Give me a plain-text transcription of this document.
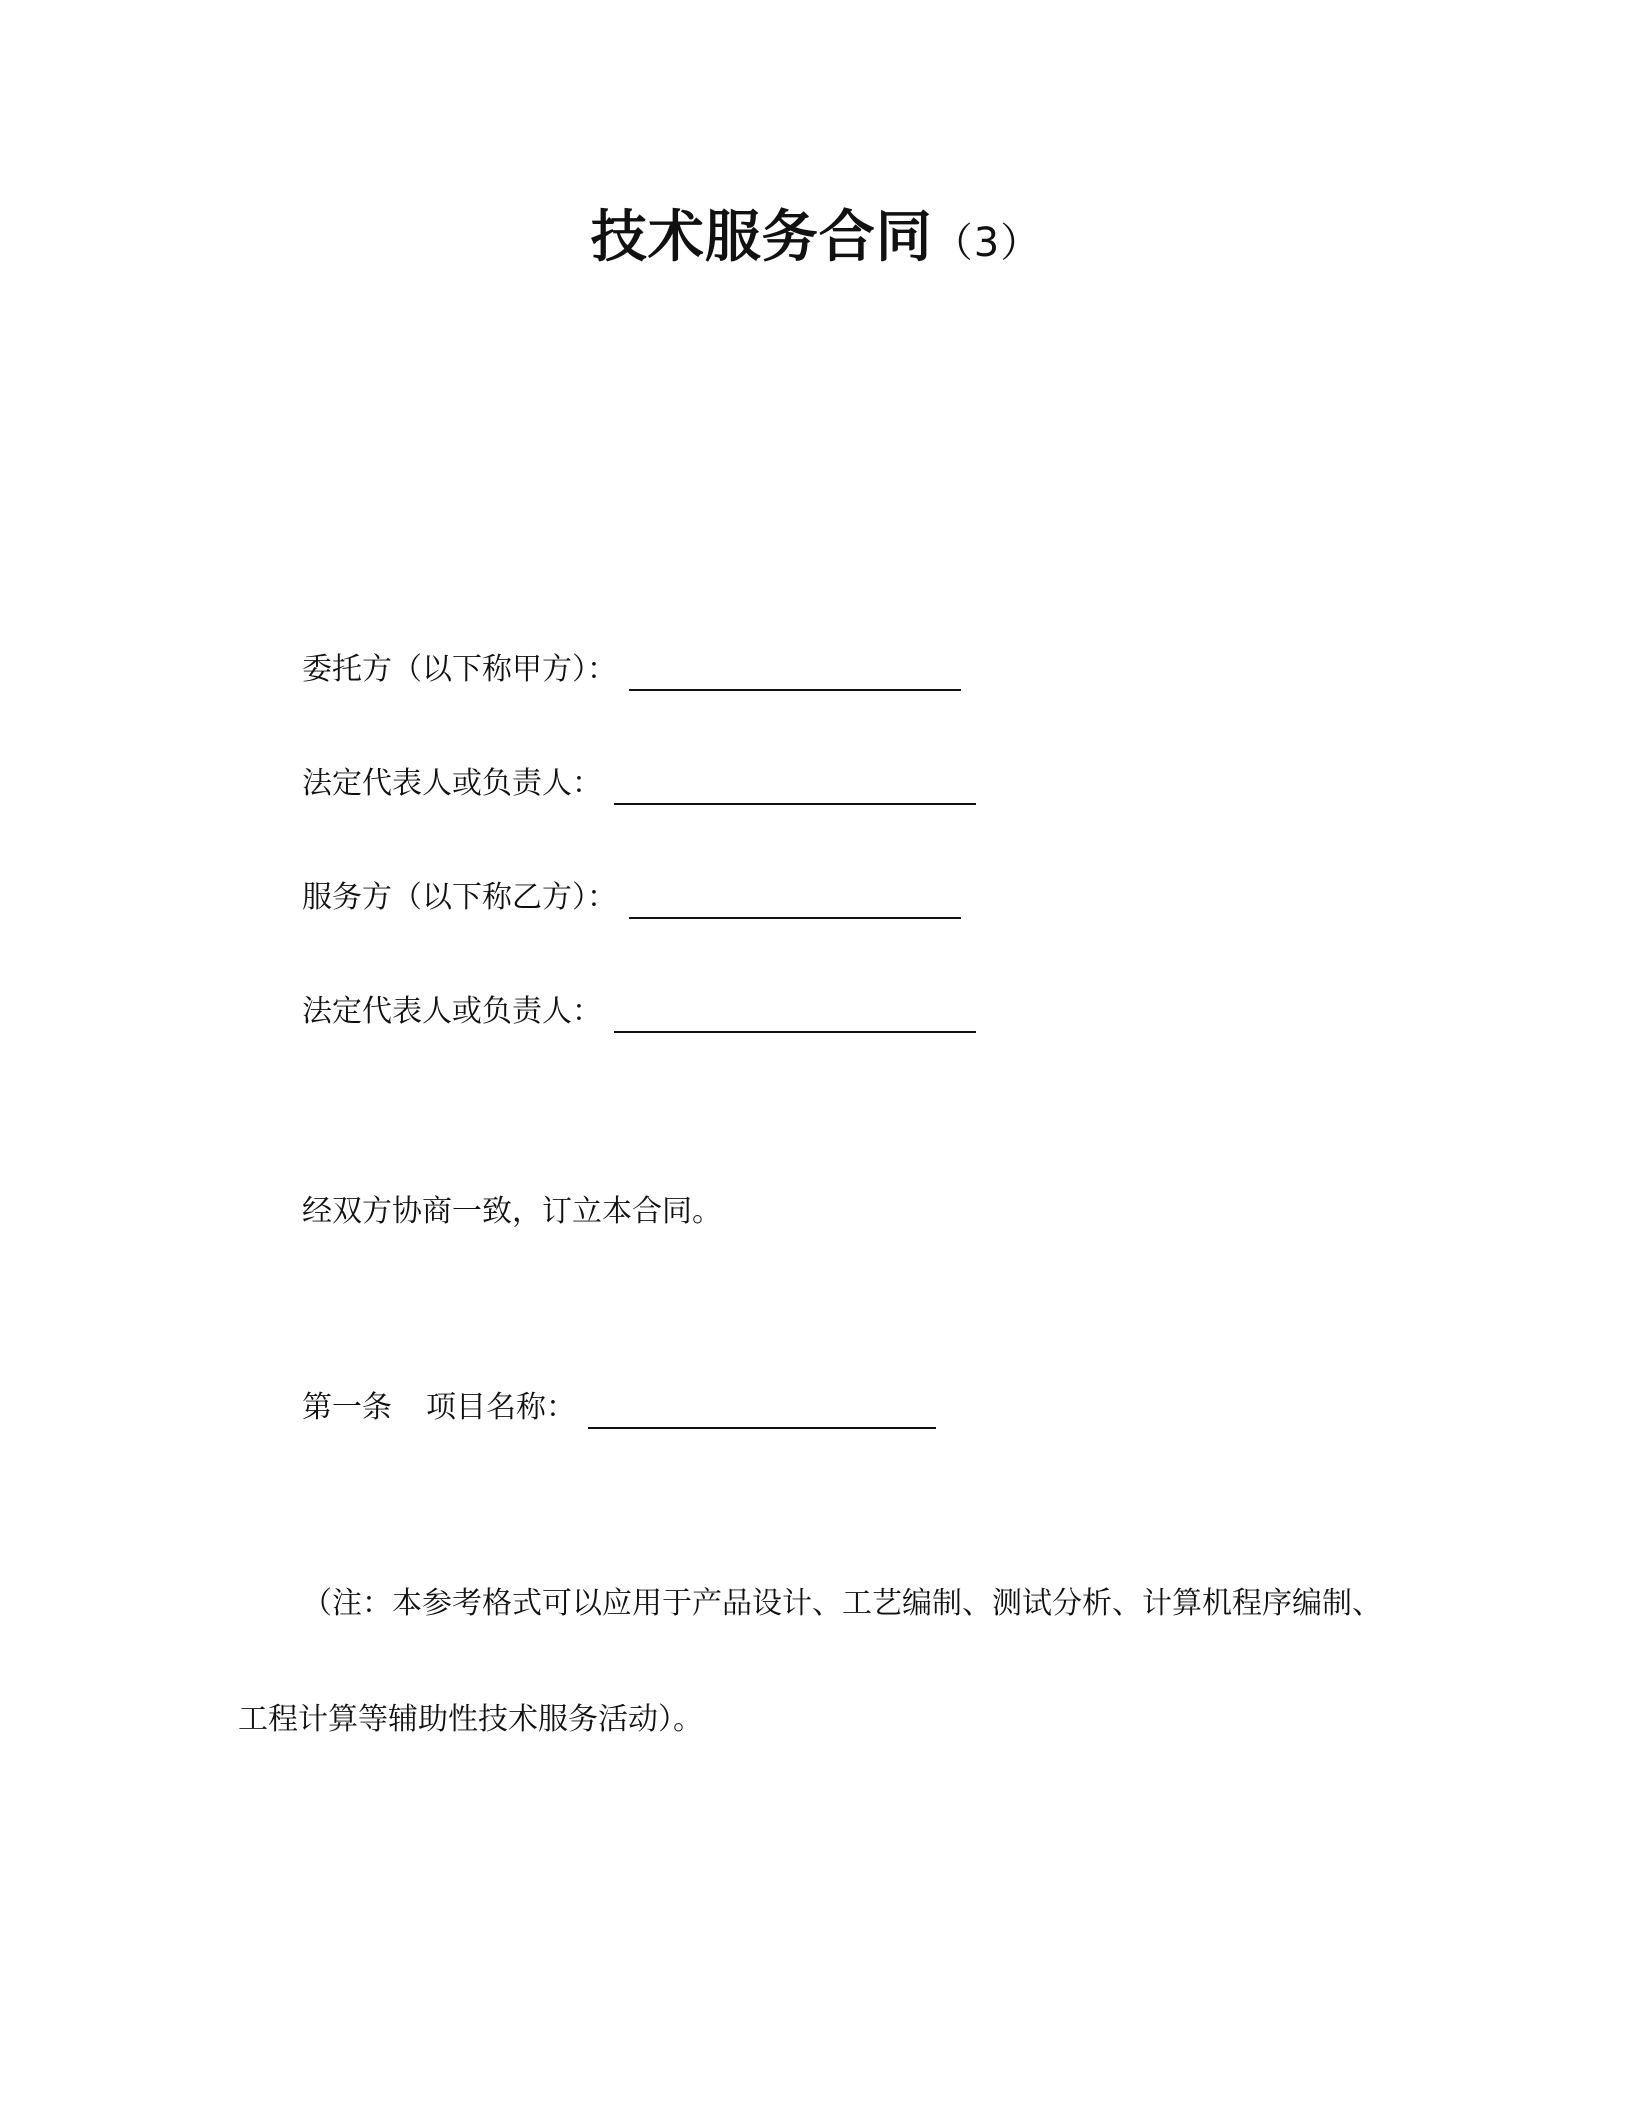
技术服务合同（3）
委托方（以下称甲方）：
法定代表人或负责人：
服务方（以下称乙方）：
法定代表人或负责人：
经双方协商一致，订立本合同。
第一条 项目名称：

（注：本参考格式可以应用于产品设计、工艺编制、测试分析、计算机程序编制、工程计算等辅助性技术服务活动）。
